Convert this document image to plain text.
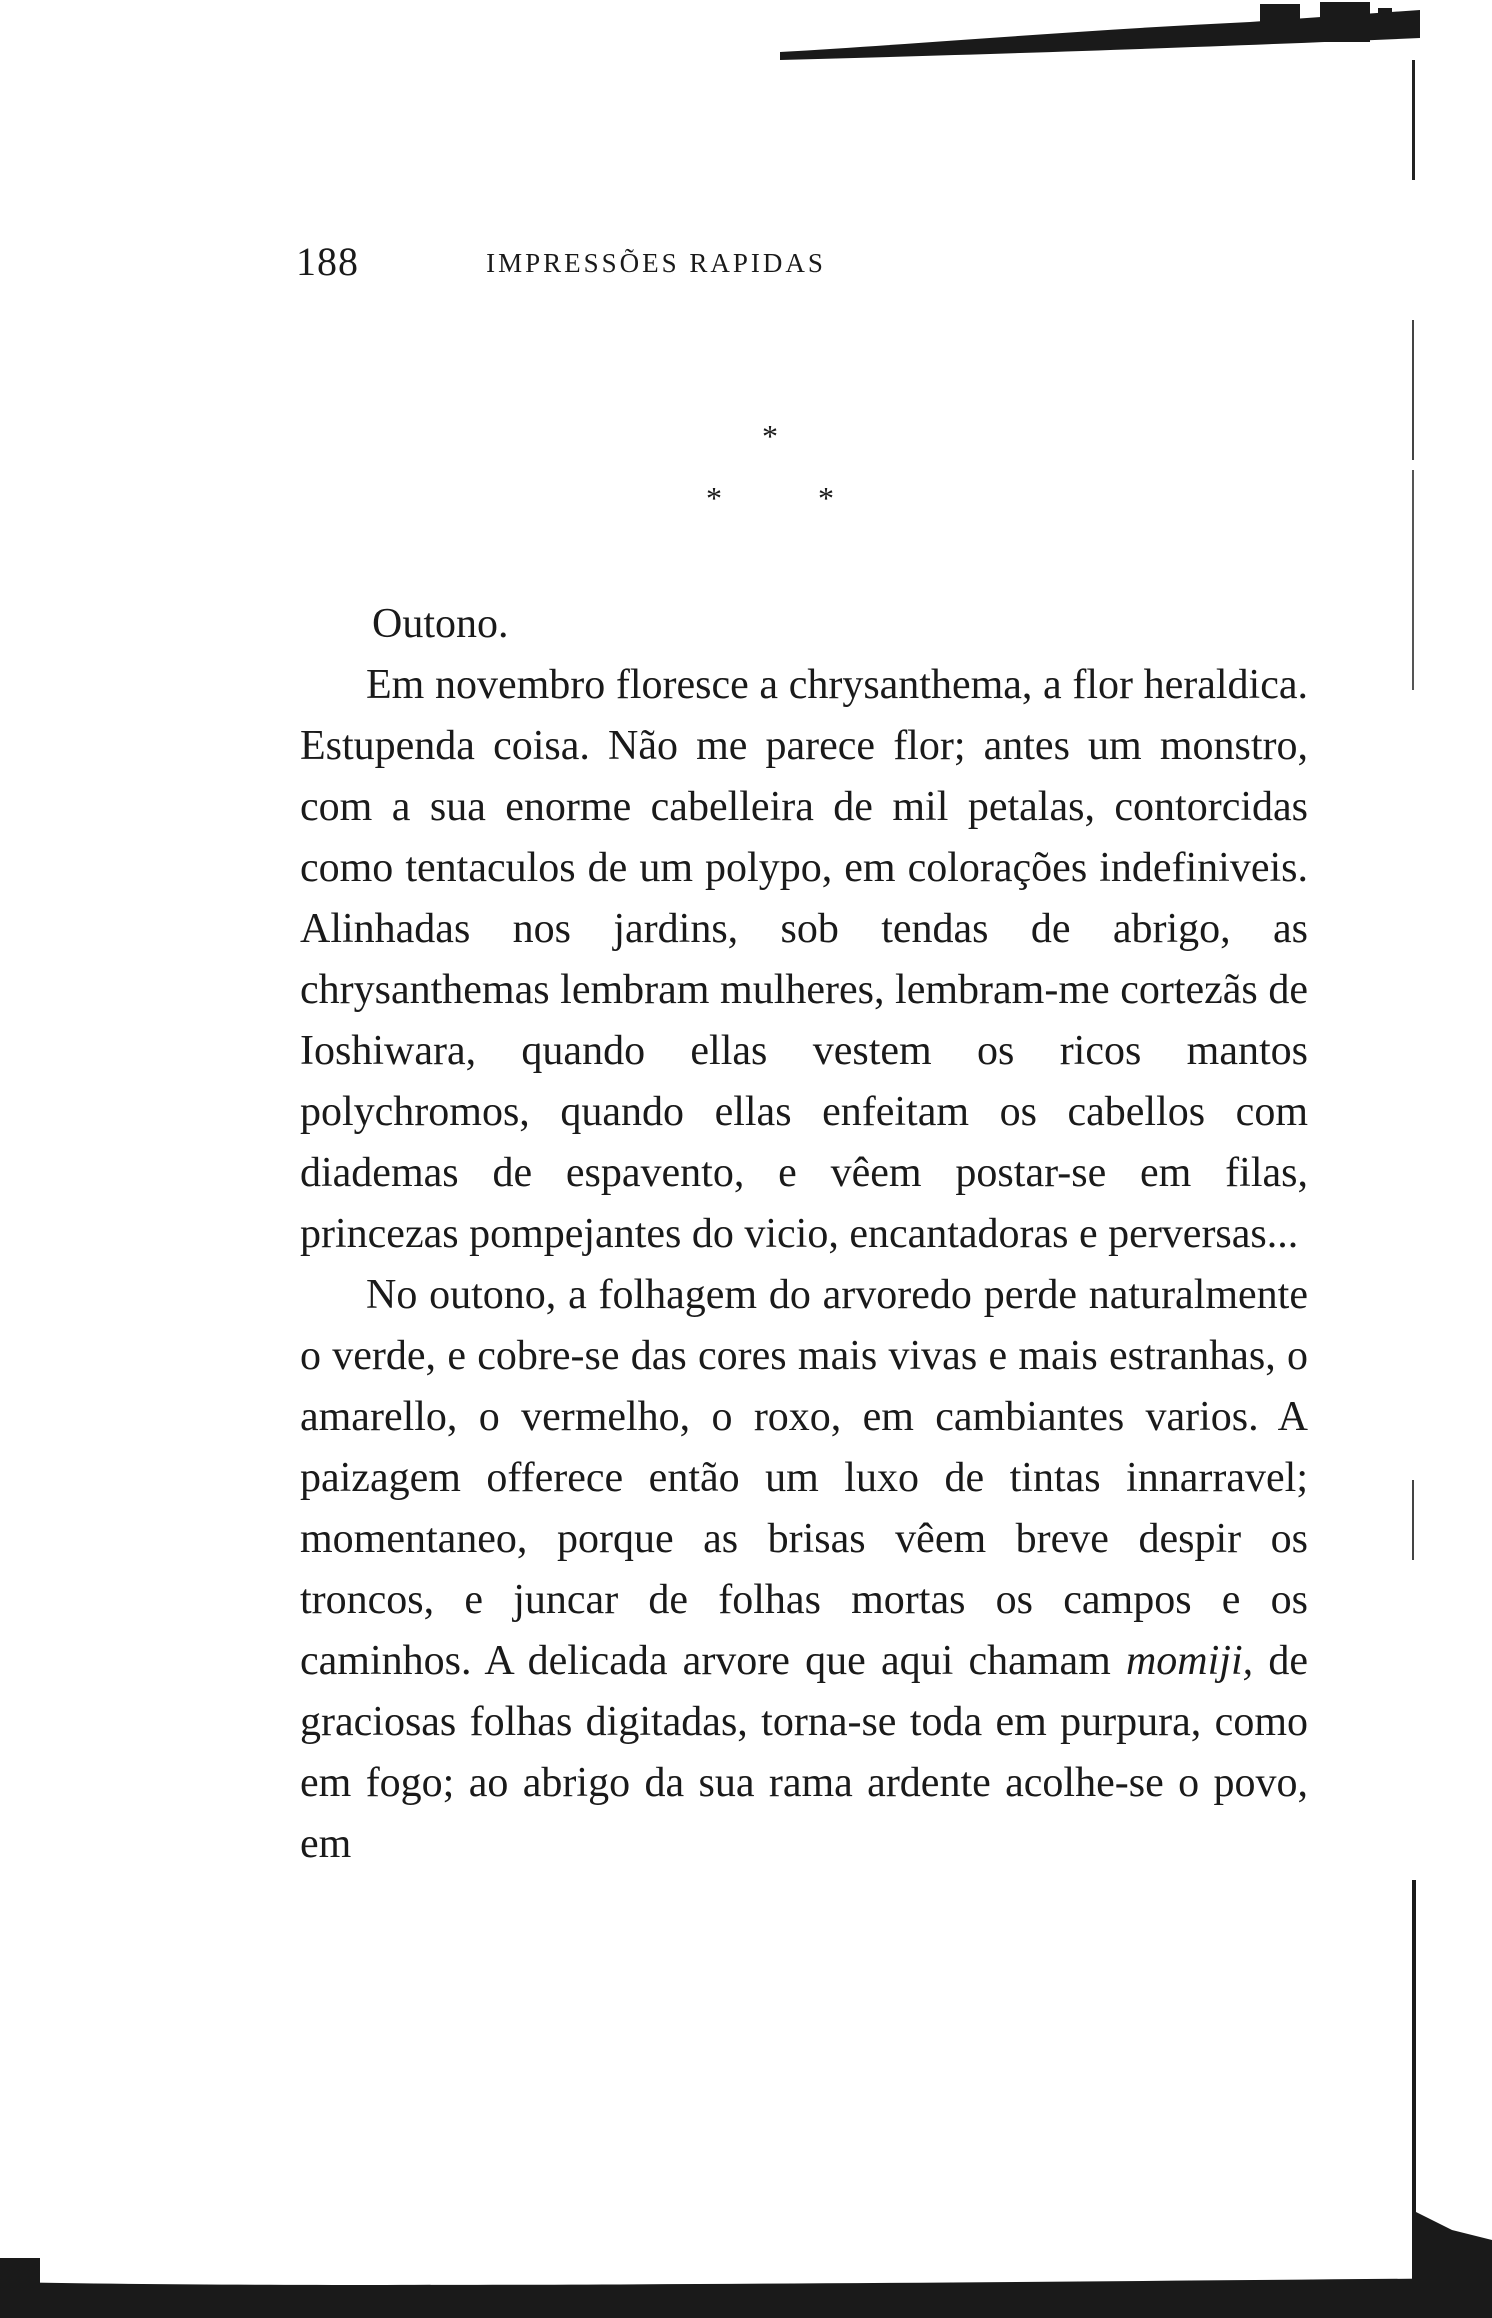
188	IMPRESSÕES RAPIDAS
*
*	*

Outono.

Em novembro floresce a chrysanthema, a flor heraldica. Estupenda coisa. Não me parece flor; antes um monstro, com a sua enorme cabelleira de mil petalas, contorcidas como tentaculos de um polypo, em colorações indefiniveis. Alinhadas nos jardins, sob tendas de abrigo, as chrysanthemas lembram mulheres, lembram-me cortezãs de Ioshiwara, quando ellas vestem os ricos mantos polychromos, quando ellas enfeitam os cabellos com diademas de espavento, e vêem postar-se em filas, princezas pompejantes do vicio, encantadoras e perversas...

No outono, a folhagem do arvoredo perde naturalmente o verde, e cobre-se das cores mais vivas e mais estranhas, o amarello, o vermelho, o roxo, em cambiantes varios. A paizagem offerece então um luxo de tintas innarravel; momentaneo, porque as brisas vêem breve despir os troncos, e juncar de folhas mortas os campos e os caminhos. A delicada arvore que aqui chamam momiji, de graciosas folhas digitadas, torna-se toda em purpura, como em fogo; ao abrigo da sua rama ardente acolhe-se o povo, em
